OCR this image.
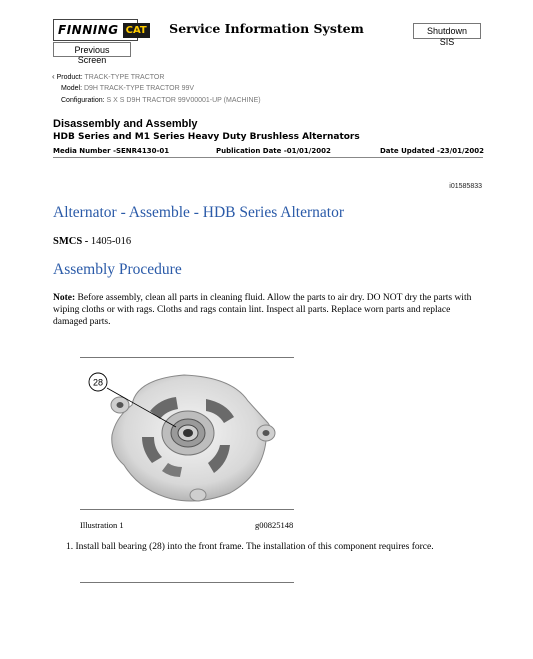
FINNING CAT	Service Information System	Shutdown SIS
Previous Screen
‹ Product: TRACK-TYPE TRACTOR
Model: D9H TRACK-TYPE TRACTOR 99V
Configuration: S X S D9H TRACTOR 99V00001-UP (MACHINE)
Disassembly and Assembly
HDB Series and M1 Series Heavy Duty Brushless Alternators
Media Number -SENR4130-01	Publication Date -01/01/2002	Date Updated -23/01/2002
i01585833
Alternator - Assemble - HDB Series Alternator
SMCS - 1405-016
Assembly Procedure
Note: Before assembly, clean all parts in cleaning fluid. Allow the parts to air dry. DO NOT dry the parts with wiping cloths or with rags. Cloths and rags contain lint. Inspect all parts. Replace worn parts and replace damaged parts.
28
Illustration 1	g00825148
1. Install ball bearing (28) into the front frame. The installation of this component requires force.
